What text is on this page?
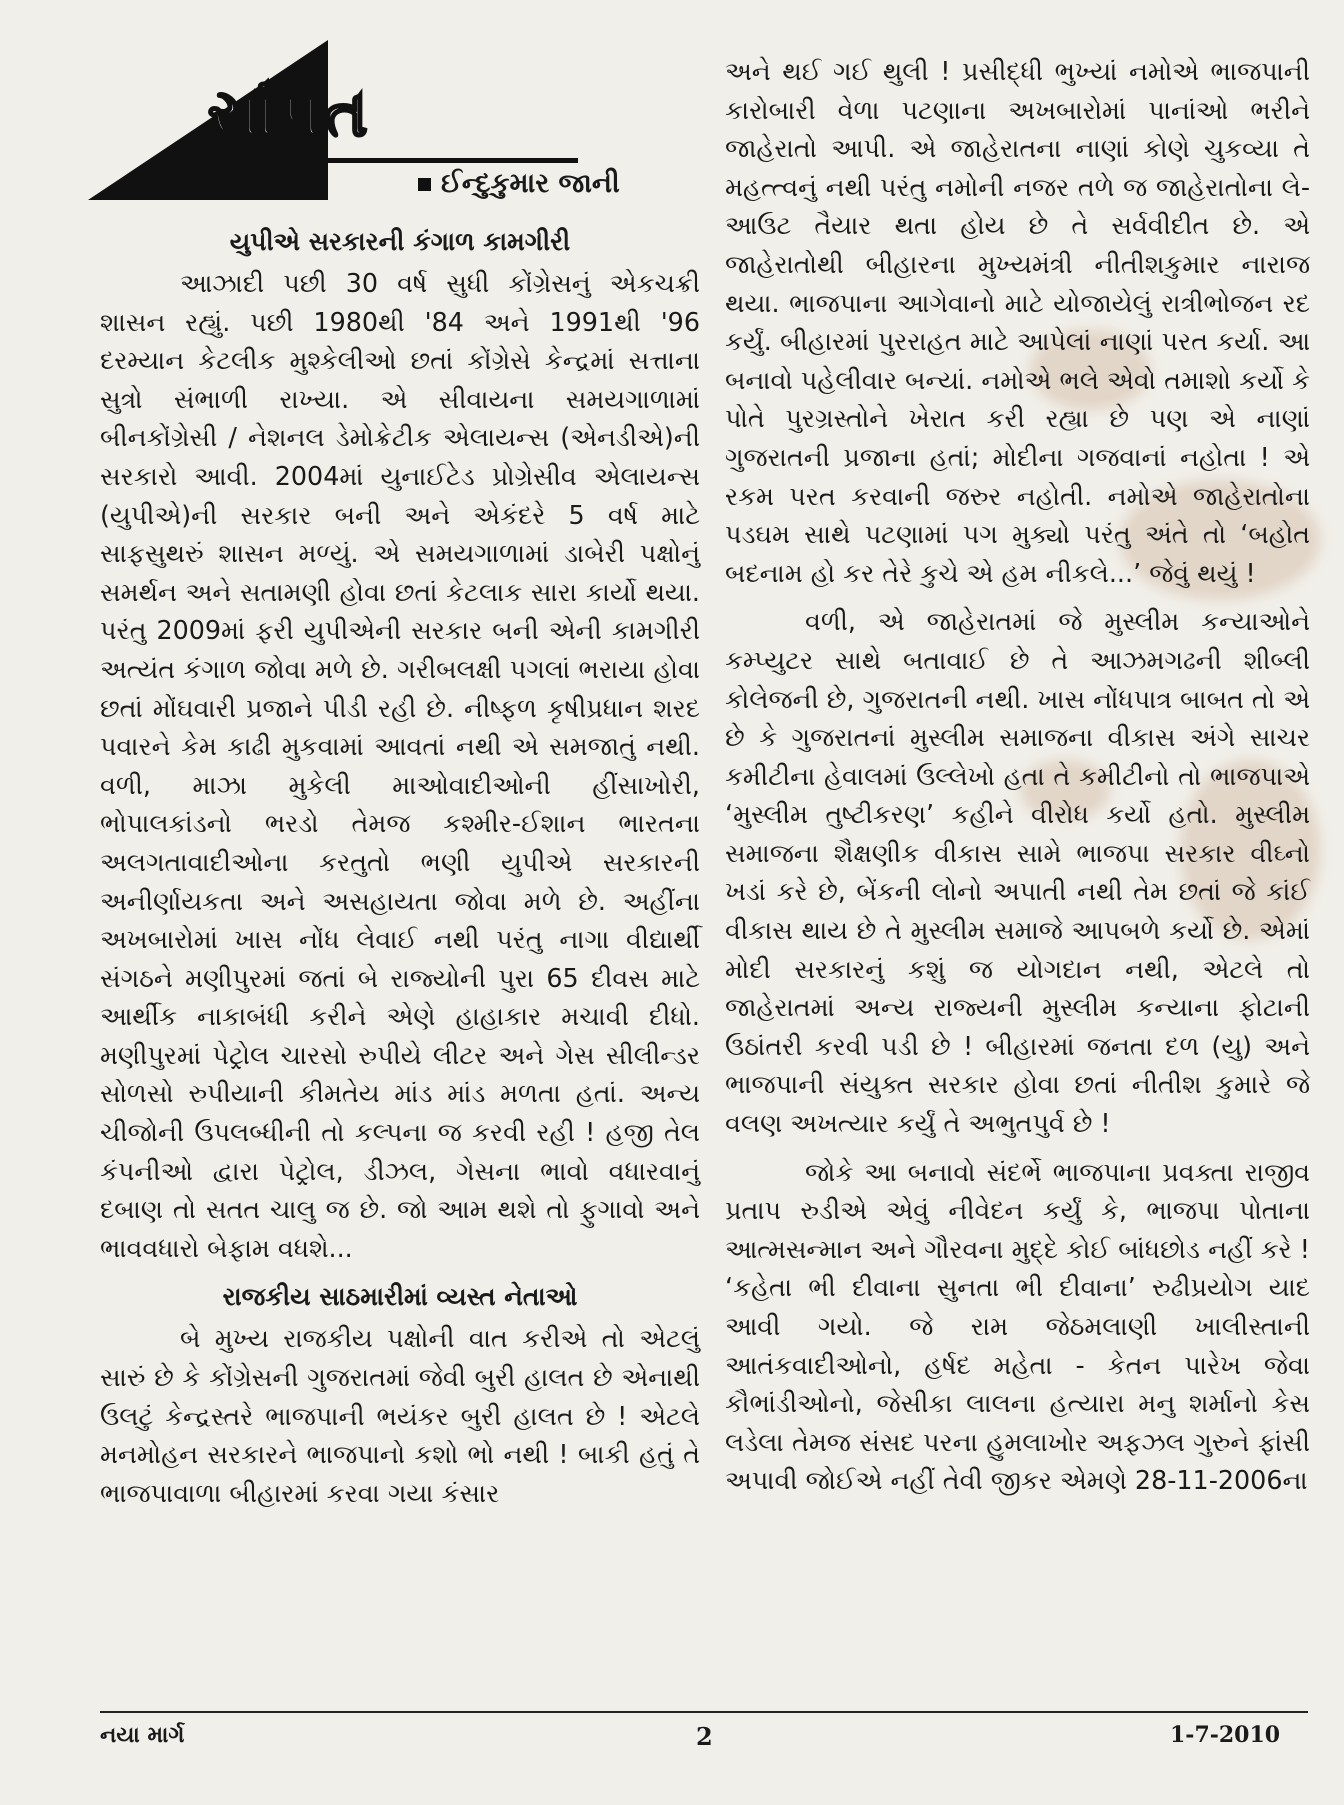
સાંપ્રત
ઈન્દુકુમાર જાની
યુપીએ સરકારની કંગાળ કામગીરી

આઝાદી પછી 30 વર્ષ સુધી કોંગ્રેસનું એકચક્રી શાસન રહ્યું. પછી 1980થી '84 અને 1991થી '96 દરમ્યાન કેટલીક મુશ્કેલીઓ છતાં કોંગ્રેસે કેન્દ્રમાં સત્તાના સુત્રો સંભાળી રાખ્યા. એ સીવાયના સમયગાળામાં બીનકોંગ્રેસી / નેશનલ ડેમોક્રેટીક એલાયન્સ (એનડીએ)ની સરકારો આવી. 2004માં યુનાઈટેડ પ્રોગ્રેસીવ એલાયન્સ (યુપીએ)ની સરકાર બની અને એકંદરે 5 વર્ષ માટે સાફસુથરું શાસન મળ્યું. એ સમયગાળામાં ડાબેરી પક્ષોનું સમર્થન અને સતામણી હોવા છતાં કેટલાક સારા કાર્યો થયા. પરંતુ 2009માં ફરી યુપીએની સરકાર બની એની કામગીરી અત્યંત કંગાળ જોવા મળે છે. ગરીબલક્ષી પગલાં ભરાયા હોવા છતાં મોંઘવારી પ્રજાને પીડી રહી છે. નીષ્ફળ કૃષીપ્રધાન શરદ પવારને કેમ કાઢી મુકવામાં આવતાં નથી એ સમજાતું નથી. વળી, માઝા મુકેલી માઓવાદીઓની હીંસાખોરી, ભોપાલકાંડનો ભરડો તેમજ કશ્મીર-ઈશાન ભારતના અલગતાવાદીઓના કરતુતો ભણી યુપીએ સરકારની અનીર્ણાયકતા અને અસહાયતા જોવા મળે છે. અહીંના અખબારોમાં ખાસ નોંધ લેવાઈ નથી પરંતુ નાગા વીદ્યાર્થી સંગઠને મણીપુરમાં જતાં બે રાજ્યોની પુરા 65 દીવસ માટે આર્થીક નાકાબંધી કરીને એણે હાહાકાર મચાવી દીધો. મણીપુરમાં પેટ્રોલ ચારસો રુપીયે લીટર અને ગેસ સીલીન્ડર સોળસો રુપીયાની કીમતેય માંડ માંડ મળતા હતાં. અન્ય ચીજોની ઉપલબ્ધીની તો કલ્પના જ કરવી રહી ! હજી તેલ કંપનીઓ દ્વારા પેટ્રોલ, ડીઝલ, ગેસના ભાવો વધારવાનું દબાણ તો સતત ચાલુ જ છે. જો આમ થશે તો ફુગાવો અને ભાવવધારો બેફામ વધશે...

રાજકીય સાઠમારીમાં વ્યસ્ત નેતાઓ

બે મુખ્ય રાજકીય પક્ષોની વાત કરીએ તો એટલું સારું છે કે કોંગ્રેસની ગુજરાતમાં જેવી બુરી હાલત છે એનાથી ઉલટું કેન્દ્રસ્તરે ભાજપાની ભયંકર બુરી હાલત છે ! એટલે મનમોહન સરકારને ભાજપાનો કશો ભો નથી ! બાકી હતું તે ભાજપાવાળા બીહારમાં કરવા ગયા કંસાર

અને થઈ ગઈ થુલી ! પ્રસીદ્ધી ભુખ્યાં નમોએ ભાજપાની કારોબારી વેળા પટણાના અખબારોમાં પાનાંઓ ભરીને જાહેરાતો આપી. એ જાહેરાતના નાણાં કોણે ચુકવ્યા તે મહત્ત્વનું નથી પરંતુ નમોની નજર તળે જ જાહેરાતોના લે-આઉટ તૈયાર થતા હોય છે તે સર્વવીદીત છે. એ જાહેરાતોથી બીહારના મુખ્યમંત્રી નીતીશકુમાર નારાજ થયા. ભાજપાના આગેવાનો માટે યોજાયેલું રાત્રીભોજન રદ કર્યું. બીહારમાં પુરરાહત માટે આપેલાં નાણાં પરત કર્યા. આ બનાવો પહેલીવાર બન્યાં. નમોએ ભલે એવો તમાશો કર્યો કે પોતે પુરગ્રસ્તોને ખેરાત કરી રહ્યા છે પણ એ નાણાં ગુજરાતની પ્રજાના હતાં; મોદીના ગજવાનાં નહોતા ! એ રકમ પરત કરવાની જરુર નહોતી. નમોએ જાહેરાતોના પડઘમ સાથે પટણામાં પગ મુક્યો પરંતુ અંતે તો ‘બહોત બદનામ હો કર તેરે કુચે એ હમ નીકલે...’ જેવું થયું !

વળી, એ જાહેરાતમાં જે મુસ્લીમ કન્યાઓને કમ્પ્યુટર સાથે બતાવાઈ છે તે આઝમગઢની શીબ્લી કોલેજની છે, ગુજરાતની નથી. ખાસ નોંધપાત્ર બાબત તો એ છે કે ગુજરાતનાં મુસ્લીમ સમાજના વીકાસ અંગે સાચર કમીટીના હેવાલમાં ઉલ્લેખો હતા તે કમીટીનો તો ભાજપાએ ‘મુસ્લીમ તુષ્ટીકરણ’ કહીને વીરોધ કર્યો હતો. મુસ્લીમ સમાજના શૈક્ષણીક વીકાસ સામે ભાજપા સરકાર વીઘ્નો ખડાં કરે છે, બેંકની લોનો અપાતી નથી તેમ છતાં જે કાંઈ વીકાસ થાય છે તે મુસ્લીમ સમાજે આપબળે કર્યો છે. એમાં મોદી સરકારનું કશું જ યોગદાન નથી, એટલે તો જાહેરાતમાં અન્ય રાજ્યની મુસ્લીમ કન્યાના ફોટાની ઉઠાંતરી કરવી પડી છે ! બીહારમાં જનતા દળ (યુ) અને ભાજપાની સંયુક્ત સરકાર હોવા છતાં નીતીશ કુમારે જે વલણ અખત્યાર કર્યું તે અભુતપુર્વ છે !

જોકે આ બનાવો સંદર્ભે ભાજપાના પ્રવક્તા રાજીવ પ્રતાપ રુડીએ એવું નીવેદન કર્યું કે, ભાજપા પોતાના આત્મસન્માન અને ગૌરવના મુદ્દે કોઈ બાંધછોડ નહીં કરે ! ‘કહેતા ભી દીવાના સુનતા ભી દીવાના’ રુઢીપ્રયોગ યાદ આવી ગયો. જે રામ જેઠમલાણી ખાલીસ્તાની આતંકવાદીઓનો, હર્ષદ મહેતા - કેતન પારેખ જેવા કૌભાંડીઓનો, જેસીકા લાલના હત્યારા મનુ શર્માનો કેસ લડેલા તેમજ સંસદ પરના હુમલાખોર અફઝલ ગુરુને ફાંસી અપાવી જોઈએ નહીં તેવી જીકર એમણે 28-11-2006ના

નયા માર્ગ	2	1-7-2010
